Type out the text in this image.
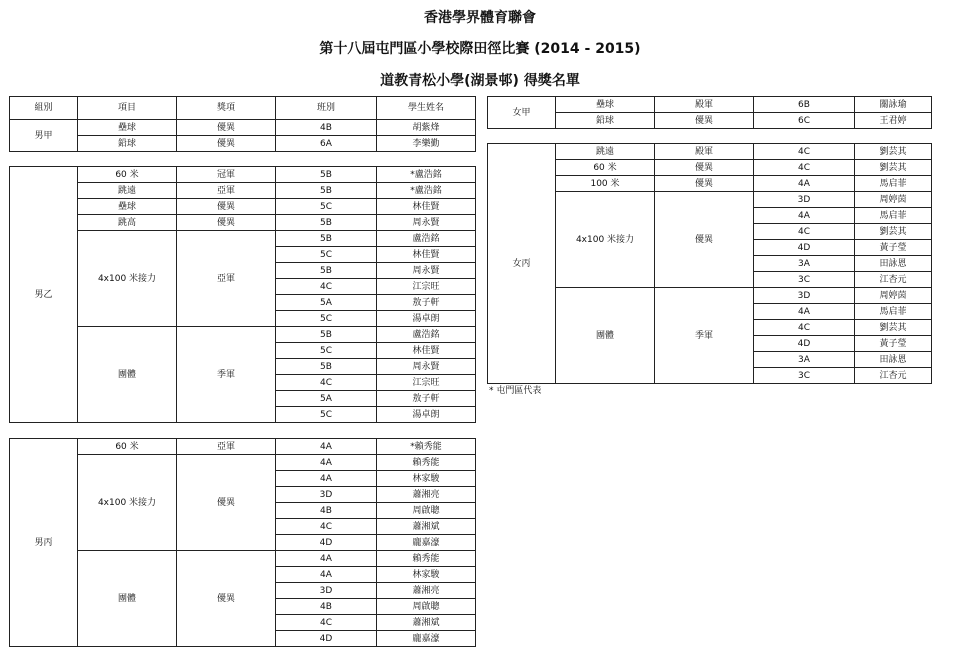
香港學界體育聯會
第十八屆屯門區小學校際田徑比賽 (2014 - 2015)
道教青松小學(湖景邨) 得獎名單
組別	項目	獎項	班別	學生姓名
男甲	壘球	優異	4B	胡紫烽
	鉛球	優異	6A	李樂勤
男乙	60 米	冠軍	5B	*盧浩銘
	跳遠	亞軍	5B	*盧浩銘
	壘球	優異	5C	林佳賢
	跳高	優異	5B	周永賢
	4x100 米接力	亞軍	5B	盧浩銘
			5C	林佳賢
			5B	周永賢
			4C	江宗旺
			5A	敖子軒
			5C	湯卓朗
	團體	季軍	5B	盧浩銘
			5C	林佳賢
			5B	周永賢
			4C	江宗旺
			5A	敖子軒
			5C	湯卓朗
男丙	60 米	亞軍	4A	*賴秀能
	4x100 米接力	優異	4A	賴秀能
			4A	林家駿
			3D	蕭湘亮
			4B	周啟聰
			4C	蕭湘斌
			4D	龐嘉濠
	團體	優異	4A	賴秀能
			4A	林家駿
			3D	蕭湘亮
			4B	周啟聰
			4C	蕭湘斌
			4D	龐嘉濠
女甲	壘球	殿軍	6B	關詠瑜
	鉛球	優異	6C	王君婷
女丙	跳遠	殿軍	4C	劉芸其
	60 米	優異	4C	劉芸其
	100 米	優異	4A	馬启菲
	4x100 米接力	優異	3D	周婷茵
			4A	馬启菲
			4C	劉芸其
			4D	黃子瑩
			3A	田詠恩
			3C	江杏元
	團體	季軍	3D	周婷茵
			4A	馬启菲
			4C	劉芸其
			4D	黃子瑩
			3A	田詠恩
			3C	江杏元
* 屯門區代表
